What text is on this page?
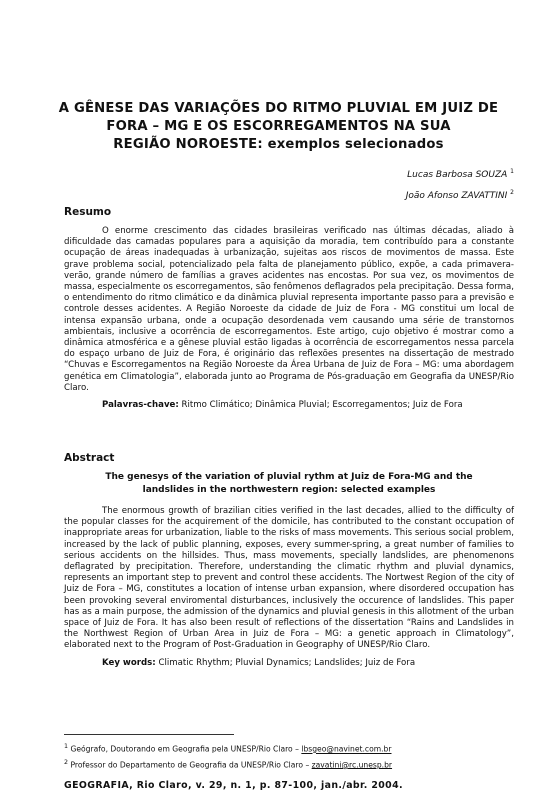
A GÊNESE DAS VARIAÇÕES DO RITMO PLUVIAL EM JUIZ DE
FORA – MG E OS ESCORREGAMENTOS NA SUA
REGIÃO NOROESTE: exemplos selecionados
Lucas Barbosa SOUZA $^1$
João Afonso ZAVATTINI $^2$
Resumo

O enorme crescimento das cidades brasileiras verificado nas últimas décadas, aliado à dificuldade das camadas populares para a aquisição da moradia, tem contribuído para a constante ocupação de áreas inadequadas à urbanização, sujeitas aos riscos de movimentos de massa. Este grave problema social, potencializado pela falta de planejamento público, expõe, a cada primavera-verão, grande número de famílias a graves acidentes nas encostas. Por sua vez, os movimentos de massa, especialmente os escorregamentos, são fenômenos deflagrados pela precipitação. Dessa forma, o entendimento do ritmo climático e da dinâmica pluvial representa importante passo para a previsão e controle desses acidentes. A Região Noroeste da cidade de Juiz de Fora - MG constitui um local de intensa expansão urbana, onde a ocupação desordenada vem causando uma série de transtornos ambientais, inclusive a ocorrência de escorregamentos. Este artigo, cujo objetivo é mostrar como a dinâmica atmosférica e a gênese pluvial estão ligadas à ocorrência de escorregamentos nessa parcela do espaço urbano de Juiz de Fora, é originário das reflexões presentes na dissertação de mestrado “Chuvas e Escorregamentos na Região Noroeste da Área Urbana de Juiz de Fora – MG: uma abordagem genética em Climatologia”, elaborada junto ao Programa de Pós-graduação em Geografia da UNESP/Rio Claro.

Palavras-chave: Ritmo Climático; Dinâmica Pluvial; Escorregamentos; Juiz de Fora

Abstract
The genesys of the variation of pluvial rythm at Juiz de Fora-MG and the
landslides in the northwestern region: selected examples

The enormous growth of brazilian cities verified in the last decades, allied to the difficulty of the popular classes for the acquirement of the domicile, has contributed to the constant occupation of inappropriate areas for urbanization, liable to the risks of mass movements. This serious social problem, increased by the lack of public planning, exposes, every summer-spring, a great number of families to serious accidents on the hillsides. Thus, mass movements, specially landslides, are phenomenons deflagrated by precipitation. Therefore, understanding the climatic rhythm and pluvial dynamics, represents an important step to prevent and control these accidents. The Nortwest Region of the city of Juiz de Fora – MG, constitutes a location of intense urban expansion, where disordered occupation has been provoking several enviromental disturbances, inclusively the occurence of landslides. This paper has as a main purpose, the admission of the dynamics and pluvial genesis in this allotment of the urban space of Juiz de Fora. It has also been result of reflections of the dissertation “Rains and Landslides in the Northwest Region of Urban Area in Juiz de Fora – MG: a genetic approach in Climatology”, elaborated next to the Program of Post-Graduation in Geography of UNESP/Rio Claro.

Key words: Climatic Rhythm; Pluvial Dynamics; Landslides; Juiz de Fora

$^1$ Geógrafo, Doutorando em Geografia pela UNESP/Rio Claro – lbsgeo@navinet.com.br
$^2$ Professor do Departamento de Geografia da UNESP/Rio Claro – zavatini@rc.unesp.br
GEOGRAFIA, Rio Claro, v. 29, n. 1, p. 87-100, jan./abr. 2004.
